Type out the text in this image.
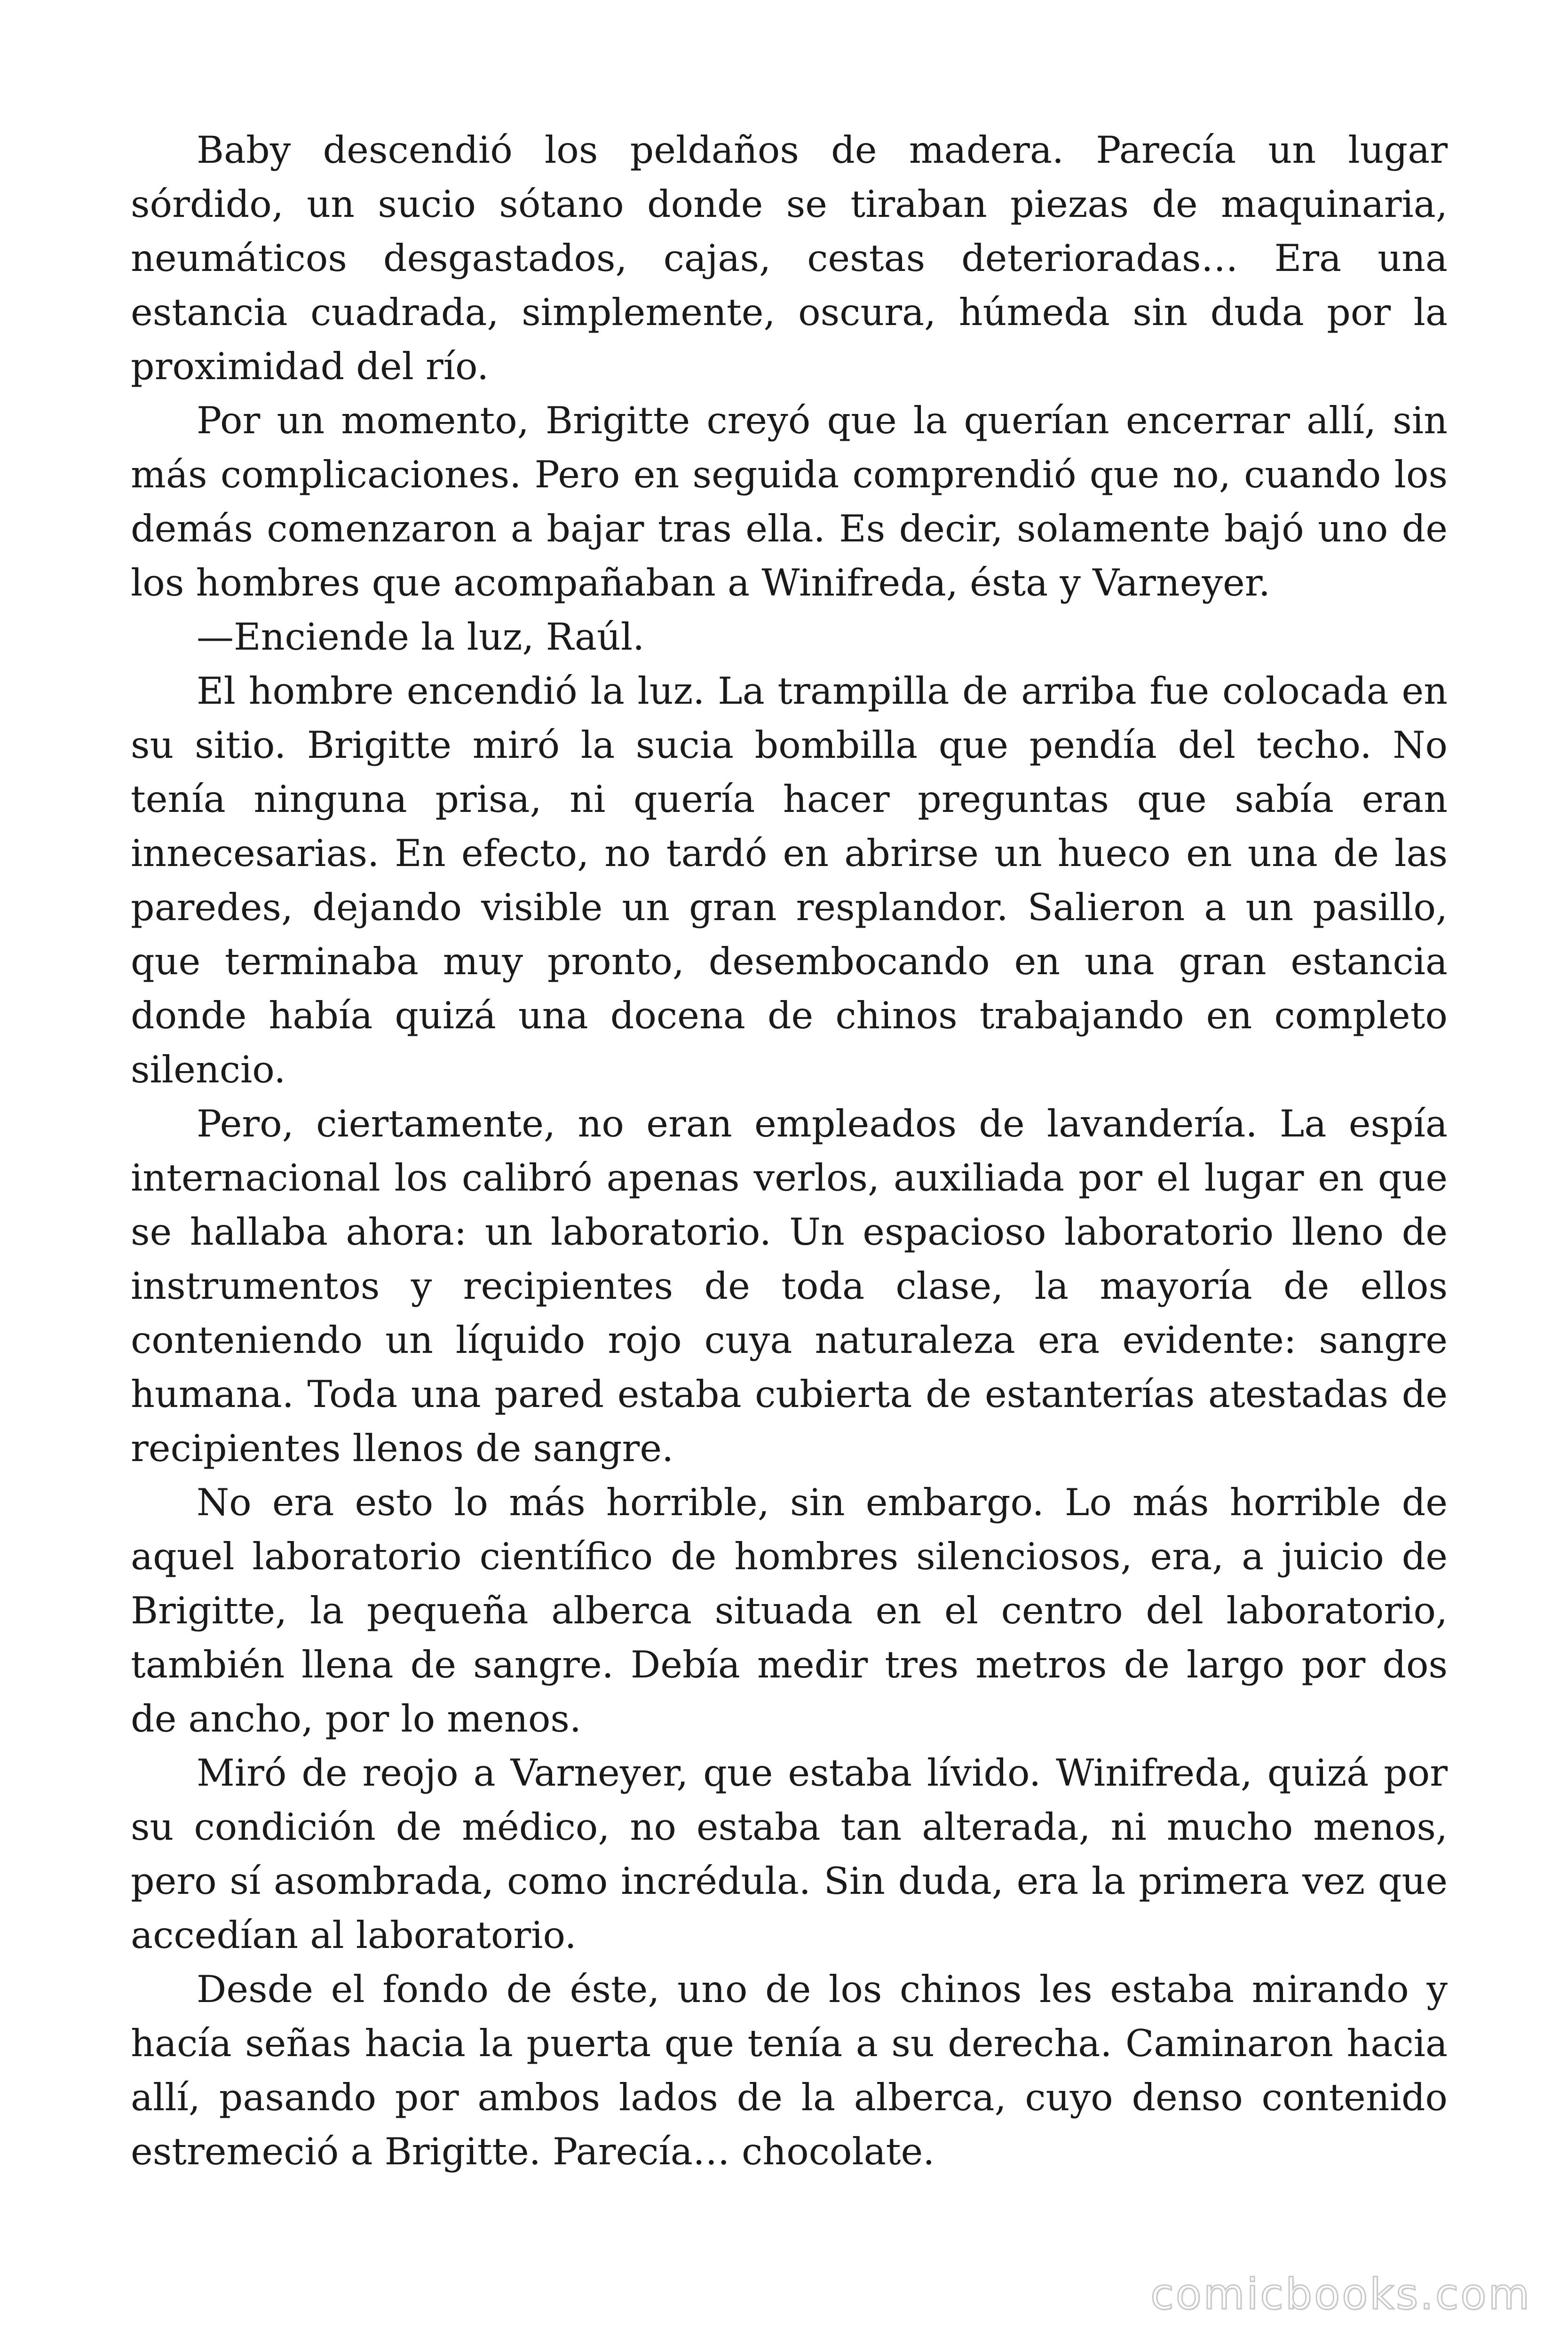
Baby descendió los peldaños de madera. Parecía un lugar sórdido, un sucio sótano donde se tiraban piezas de maquinaria, neumáticos desgastados, cajas, cestas deterioradas… Era una estancia cuadrada, simplemente, oscura, húmeda sin duda por la proximidad del río.

Por un momento, Brigitte creyó que la querían encerrar allí, sin más complicaciones. Pero en seguida comprendió que no, cuando los demás comenzaron a bajar tras ella. Es decir, solamente bajó uno de los hombres que acompañaban a Winifreda, ésta y Varneyer.

—Enciende la luz, Raúl.

El hombre encendió la luz. La trampilla de arriba fue colocada en su sitio. Brigitte miró la sucia bombilla que pendía del techo. No tenía ninguna prisa, ni quería hacer preguntas que sabía eran innecesarias. En efecto, no tardó en abrirse un hueco en una de las paredes, dejando visible un gran resplandor. Salieron a un pasillo, que terminaba muy pronto, desembocando en una gran estancia donde había quizá una docena de chinos trabajando en completo silencio.

Pero, ciertamente, no eran empleados de lavandería. La espía internacional los calibró apenas verlos, auxiliada por el lugar en que se hallaba ahora: un laboratorio. Un espacioso laboratorio lleno de instrumentos y recipientes de toda clase, la mayoría de ellos conteniendo un líquido rojo cuya naturaleza era evidente: sangre humana. Toda una pared estaba cubierta de estanterías atestadas de recipientes llenos de sangre.

No era esto lo más horrible, sin embargo. Lo más horrible de aquel laboratorio científico de hombres silenciosos, era, a juicio de Brigitte, la pequeña alberca situada en el centro del laboratorio, también llena de sangre. Debía medir tres metros de largo por dos de ancho, por lo menos.

Miró de reojo a Varneyer, que estaba lívido. Winifreda, quizá por su condición de médico, no estaba tan alterada, ni mucho menos, pero sí asombrada, como incrédula. Sin duda, era la primera vez que accedían al laboratorio.

Desde el fondo de éste, uno de los chinos les estaba mirando y hacía señas hacia la puerta que tenía a su derecha. Caminaron hacia allí, pasando por ambos lados de la alberca, cuyo denso contenido estremeció a Brigitte. Parecía… chocolate.

comicbooks.com
